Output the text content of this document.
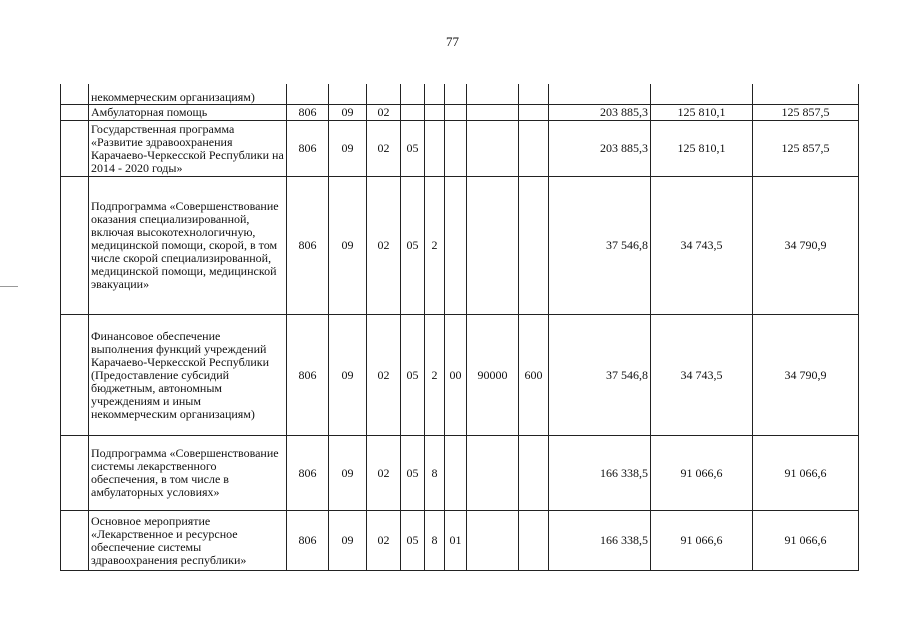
77
	некоммерческим организациям)											
	Амбулаторная помощь	806	09	02						203 885,3	125 810,1	125 857,5
	Государственная программа «Развитие здравоохранения Карачаево-Черкесской Республики на 2014 - 2020 годы»	806	09	02	05					203 885,3	125 810,1	125 857,5
	Подпрограмма «Совершенствование оказания специализированной, включая высокотехнологичную, медицинской помощи, скорой, в том числе скорой специализированной, медицинской помощи, медицинской эвакуации»	806	09	02	05	2				37 546,8	34 743,5	34 790,9
	Финансовое обеспечение выполнения функций учреждений Карачаево-Черкесской Республики (Предоставление субсидий бюджетным, автономным учреждениям и иным некоммерческим организациям)	806	09	02	05	2	00	90000	600	37 546,8	34 743,5	34 790,9
	Подпрограмма «Совершенствование системы лекарственного обеспечения, в том числе в амбулаторных условиях»	806	09	02	05	8				166 338,5	91 066,6	91 066,6
	Основное мероприятие «Лекарственное и ресурсное обеспечение системы здравоохранения республики»	806	09	02	05	8	01			166 338,5	91 066,6	91 066,6
